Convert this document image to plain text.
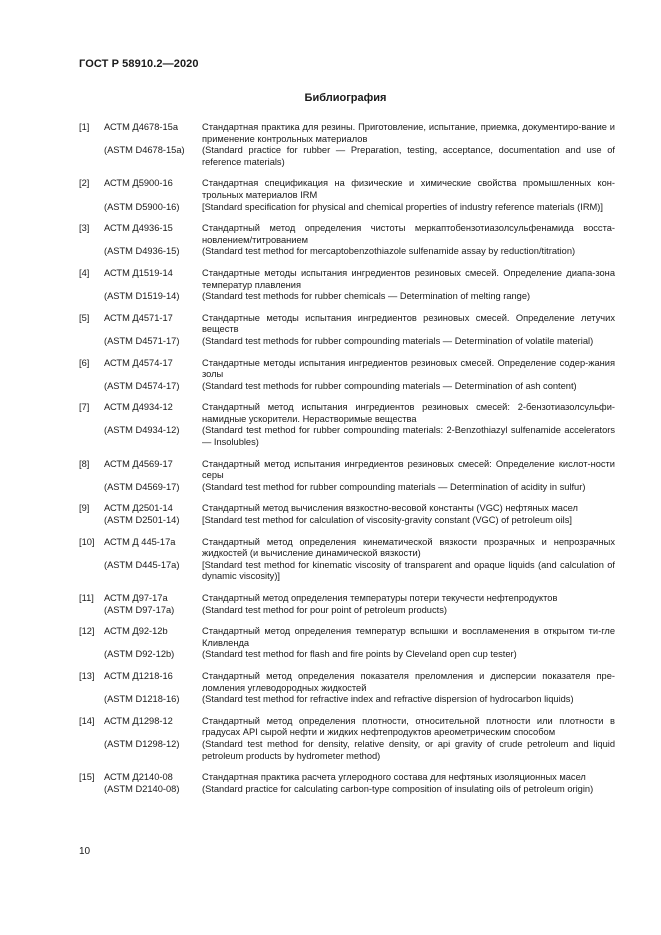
ГОСТ Р 58910.2—2020
Библиография
[1]	АСТМ Д4678-15а	Стандартная практика для резины. Приготовление, испытание, приемка, документиро-вание и применение контрольных материалов
(ASTM D4678-15a)	(Standard practice for rubber — Preparation, testing, acceptance, documentation and use of reference materials)
[2]	АСТМ Д5900-16	Стандартная спецификация на физические и химические свойства промышленных кон-трольных материалов IRM
(ASTM D5900-16)	[Standard specification for physical and chemical properties of industry reference materials (IRM)]
[3]	АСТМ Д4936-15	Стандартный метод определения чистоты меркаптобензотиазолсульфенамида восста-новлением/титрованием
(ASTM D4936-15)	(Standard test method for mercaptobenzothiazole sulfenamide assay by reduction/titration)
[4]	АСТМ Д1519-14	Стандартные методы испытания ингредиентов резиновых смесей. Определение диапа-зона температур плавления
(ASTM D1519-14)	(Standard test methods for rubber chemicals — Determination of melting range)
[5]	АСТМ Д4571-17	Стандартные методы испытания ингредиентов резиновых смесей. Определение летучих веществ
(ASTM D4571-17)	(Standard test methods for rubber compounding materials — Determination of volatile material)
[6]	АСТМ Д4574-17	Стандартные методы испытания ингредиентов резиновых смесей. Определение содер-жания золы
(ASTM D4574-17)	(Standard test methods for rubber compounding materials — Determination of ash content)
[7]	АСТМ Д4934-12	Стандартный метод испытания ингредиентов резиновых смесей: 2-бензотиазолсульфи-намидные ускорители. Нерастворимые вещества
(ASTM D4934-12)	(Standard test method for rubber compounding materials: 2-Benzothiazyl sulfenamide accelerators — Insolubles)
[8]	АСТМ Д4569-17	Стандартный метод испытания ингредиентов резиновых смесей: Определение кислот-ности серы
(ASTM D4569-17)	(Standard test method for rubber compounding materials — Determination of acidity in sulfur)
[9]	АСТМ Д2501-14	Стандартный метод вычисления вязкостно-весовой константы (VGC) нефтяных масел
(ASTM D2501-14)	[Standard test method for calculation of viscosity-gravity constant (VGC) of petroleum oils]
[10]	АСТМ Д 445-17а	Стандартный метод определения кинематической вязкости прозрачных и непрозрачных жидкостей (и вычисление динамической вязкости)
(ASTM D445-17a)	[Standard test method for kinematic viscosity of transparent and opaque liquids (and calculation of dynamic viscosity)]
[11]	АСТМ Д97-17а	Стандартный метод определения температуры потери текучести нефтепродуктов
(ASTM D97-17a)	(Standard test method for pour point of petroleum products)
[12]	АСТМ Д92-12b	Стандартный метод определения температур вспышки и воспламенения в открытом ти-гле Кливленда
(ASTM D92-12b)	(Standard test method for flash and fire points by Cleveland open cup tester)
[13]	АСТМ Д1218-16	Стандартный метод определения показателя преломления и дисперсии показателя пре-ломления углеводородных жидкостей
(ASTM D1218-16)	(Standard test method for refractive index and refractive dispersion of hydrocarbon liquids)
[14]	АСТМ Д1298-12	Стандартный метод определения плотности, относительной плотности или плотности в градусах API сырой нефти и жидких нефтепродуктов ареометрическим способом
(ASTM D1298-12)	(Standard test method for density, relative density, or api gravity of crude petroleum and liquid petroleum products by hydrometer method)
[15]	АСТМ Д2140-08	Стандартная практика расчета углеродного состава для нефтяных изоляционных масел
(ASTM D2140-08)	(Standard practice for calculating carbon-type composition of insulating oils of petroleum origin)
10
